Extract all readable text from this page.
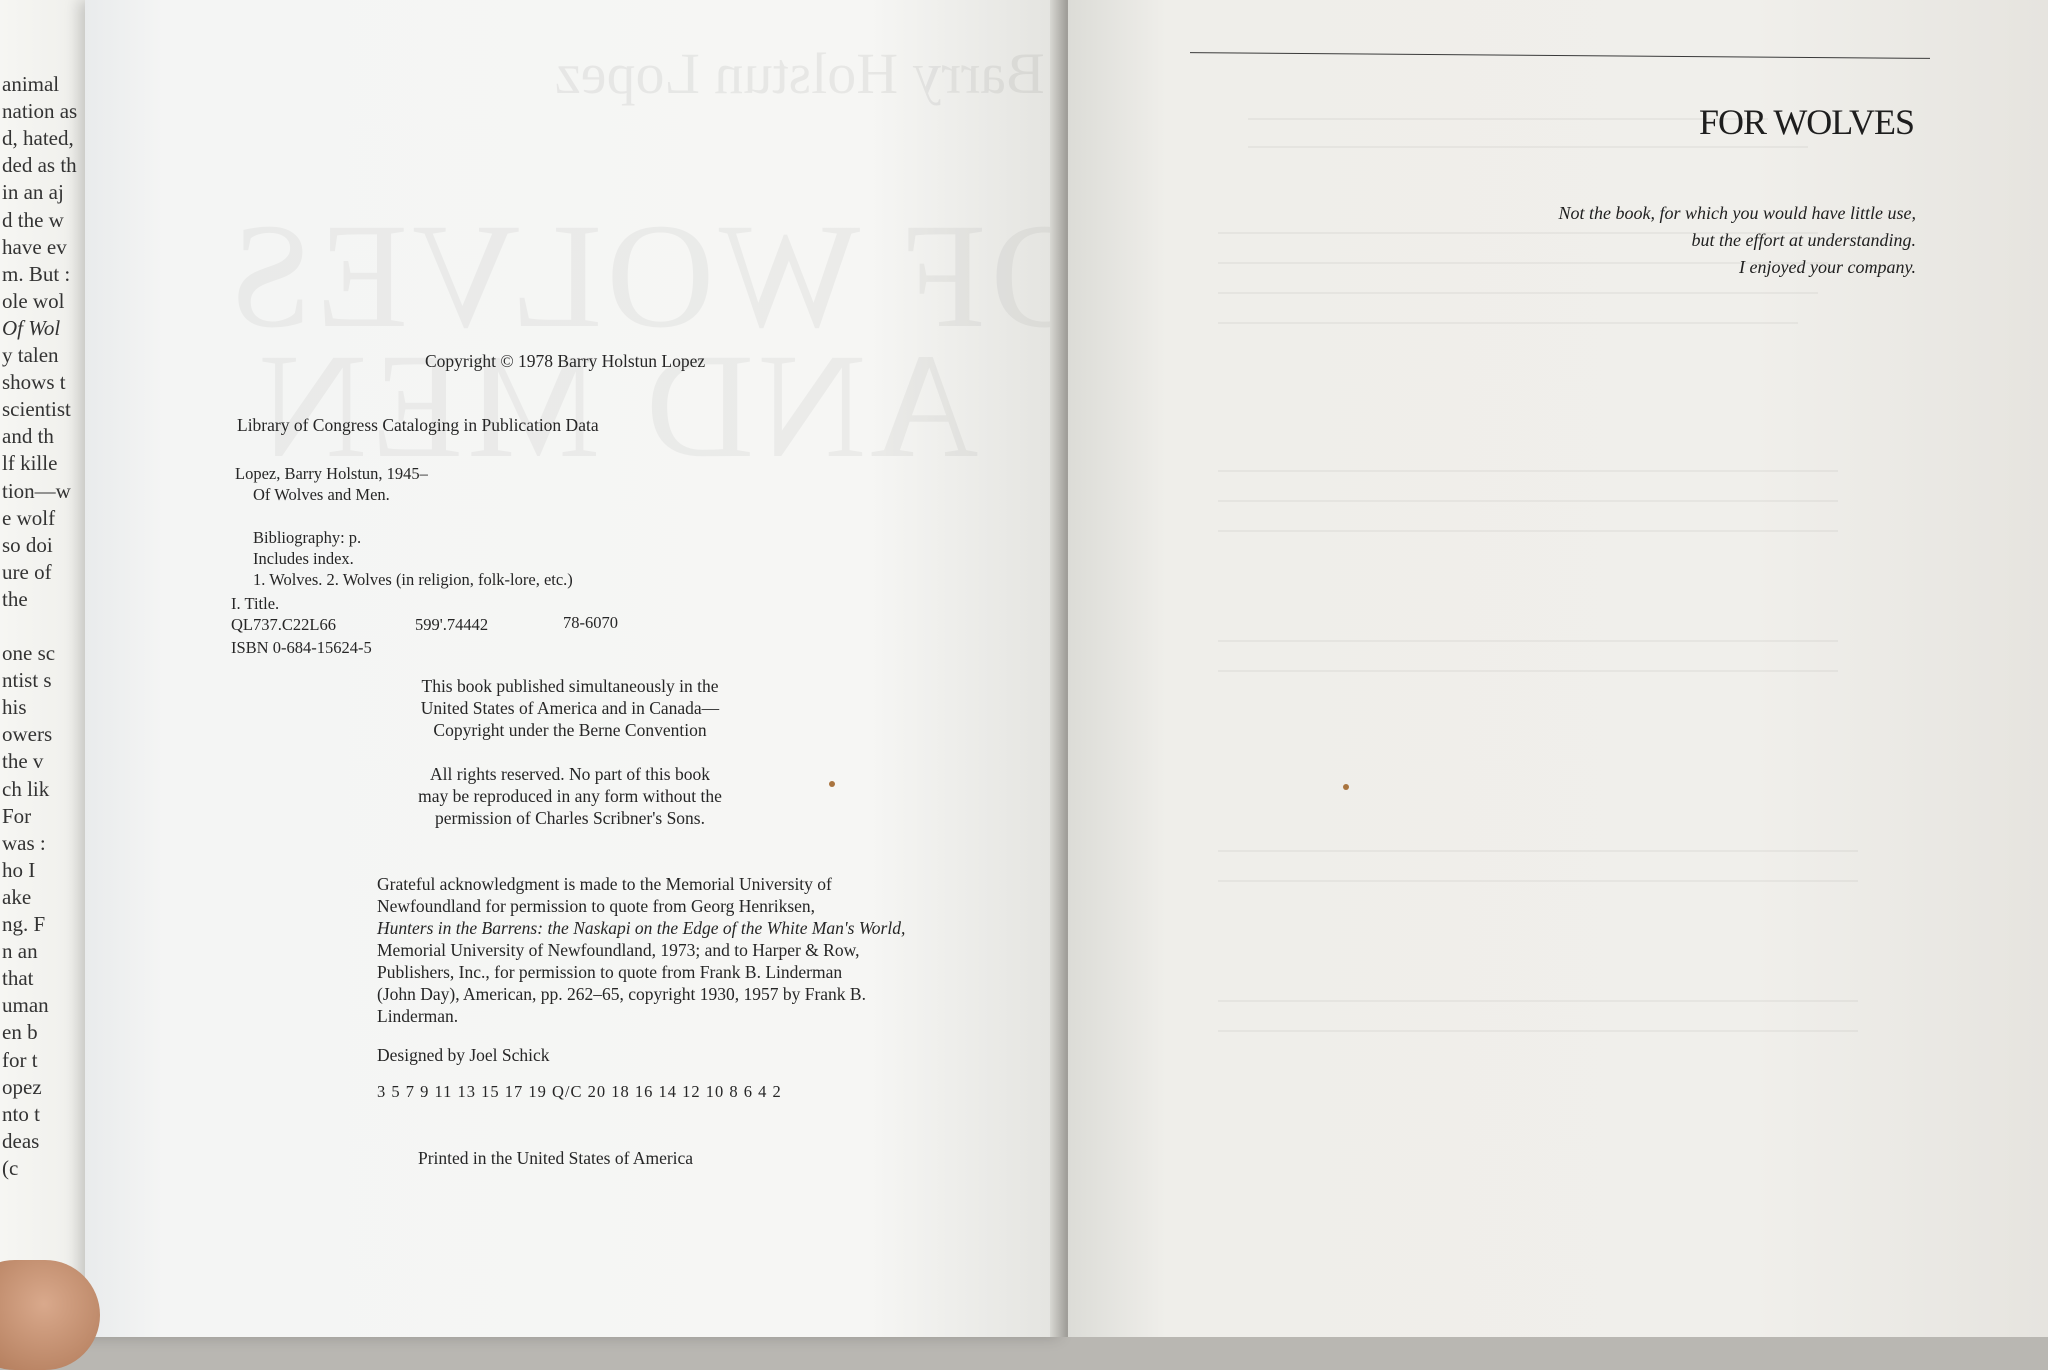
animal
nation as
d, hated,
ded as th
in an aj
d the w
have ev
m. But :
ole wol
Of Wol
y talen
shows t
scientist
and th
lf kille
tion—w
e wolf
so doi
ure of
the
one sc
ntist s
his
owers
the v
ch lik
For
was :
ho I
ake
ng. F
n an
that
uman
en b
for t
opez
nto t
deas
(c
Barry Holstun Lopez
Copyright © 1978 Barry Holstun Lopez
Library of Congress Cataloging in Publication Data
Lopez, Barry Holstun, 1945–
Of Wolves and Men.
Bibliography: p.
Includes index.
1. Wolves. 2. Wolves (in religion, folk-lore, etc.)
I. Title.
QL737.C22L66	599'.74442	78-6070
ISBN 0-684-15624-5
This book published simultaneously in the
United States of America and in Canada—
Copyright under the Berne Convention
All rights reserved. No part of this book
may be reproduced in any form without the
permission of Charles Scribner's Sons.
Grateful acknowledgment is made to the Memorial University of
Newfoundland for permission to quote from Georg Henriksen,
Hunters in the Barrens: the Naskapi on the Edge of the White Man's World,
Memorial University of Newfoundland, 1973; and to Harper & Row,
Publishers, Inc., for permission to quote from Frank B. Linderman
(John Day), American, pp. 262–65, copyright 1930, 1957 by Frank B.
Linderman.
Designed by Joel Schick
3 5 7 9 11 13 15 17 19 Q/C 20 18 16 14 12 10 8 6 4 2
Printed in the United States of America
FOR WOLVES
Not the book, for which you would have little use,
but the effort at understanding.
I enjoyed your company.
